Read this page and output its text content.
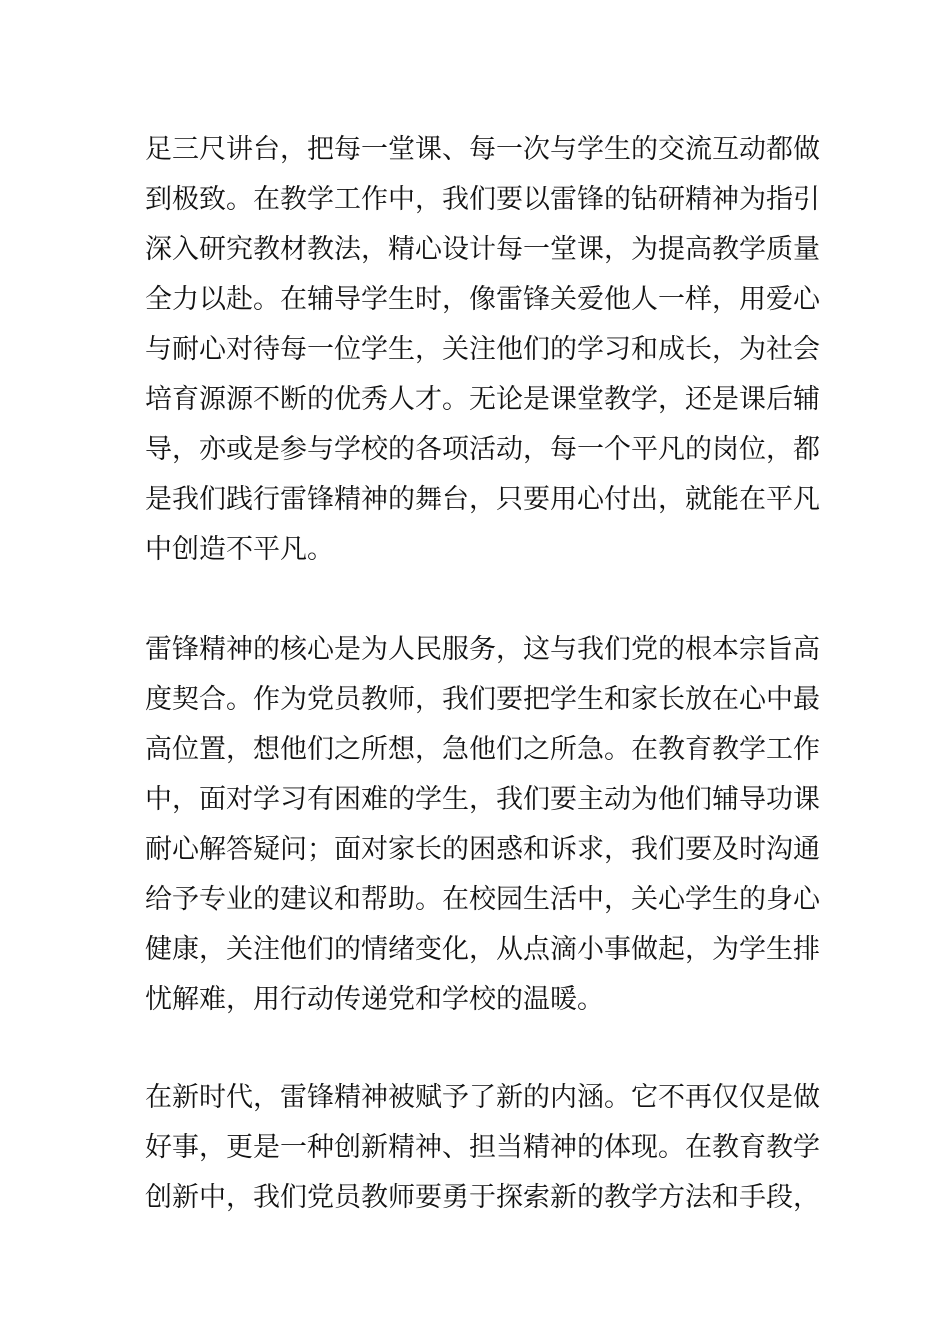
足三尺讲台，把每一堂课、每一次与学生的交流互动都做
到极致。在教学工作中，我们要以雷锋的钻研精神为指引
深入研究教材教法，精心设计每一堂课，为提高教学质量
全力以赴。在辅导学生时，像雷锋关爱他人一样，用爱心
与耐心对待每一位学生，关注他们的学习和成长，为社会
培育源源不断的优秀人才。无论是课堂教学，还是课后辅
导，亦或是参与学校的各项活动，每一个平凡的岗位，都
是我们践行雷锋精神的舞台，只要用心付出，就能在平凡
中创造不平凡。
雷锋精神的核心是为人民服务，这与我们党的根本宗旨高
度契合。作为党员教师，我们要把学生和家长放在心中最
高位置，想他们之所想，急他们之所急。在教育教学工作
中，面对学习有困难的学生，我们要主动为他们辅导功课
耐心解答疑问；面对家长的困惑和诉求，我们要及时沟通
给予专业的建议和帮助。在校园生活中，关心学生的身心
健康，关注他们的情绪变化，从点滴小事做起，为学生排
忧解难，用行动传递党和学校的温暖。
在新时代，雷锋精神被赋予了新的内涵。它不再仅仅是做
好事，更是一种创新精神、担当精神的体现。在教育教学
创新中，我们党员教师要勇于探索新的教学方法和手段，
